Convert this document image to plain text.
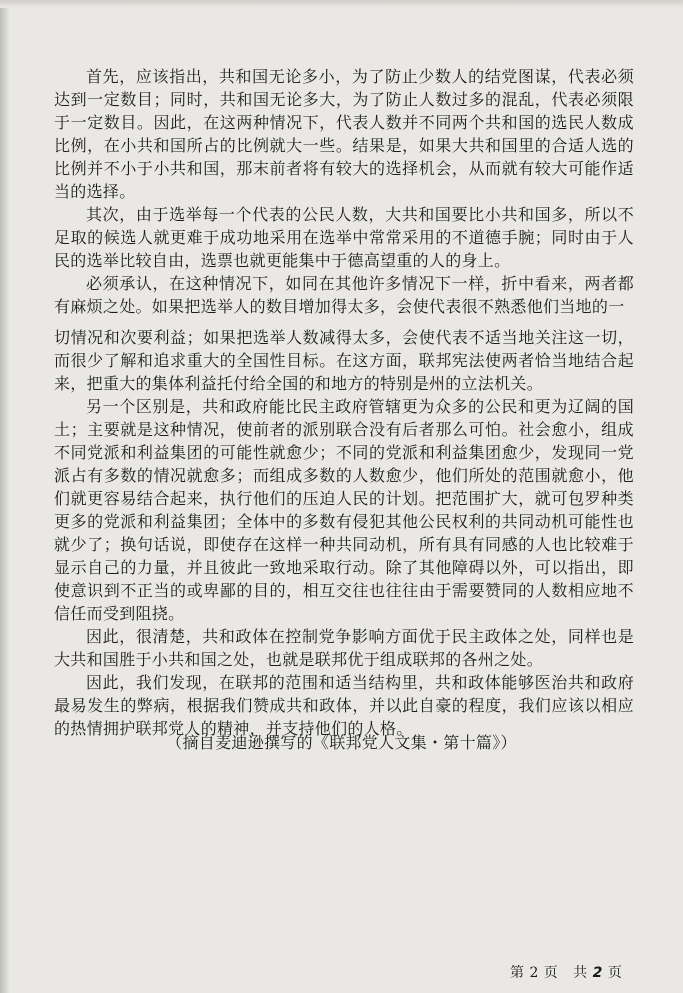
首先，应该指出，共和国无论多小，为了防止少数人的结党图谋，代表必须达到一定数目；同时，共和国无论多大，为了防止人数过多的混乱，代表必须限于一定数目。因此，在这两种情况下，代表人数并不同两个共和国的选民人数成比例，在小共和国所占的比例就大一些。结果是，如果大共和国里的合适人选的比例并不小于小共和国，那末前者将有较大的选择机会，从而就有较大可能作适当的选择。

其次，由于选举每一个代表的公民人数，大共和国要比小共和国多，所以不足取的候选人就更难于成功地采用在选举中常常采用的不道德手腕；同时由于人民的选举比较自由，选票也就更能集中于德高望重的人的身上。

必须承认，在这种情况下，如同在其他许多情况下一样，折中看来，两者都有麻烦之处。如果把选举人的数目增加得太多，会使代表很不熟悉他们当地的一

切情况和次要利益；如果把选举人数减得太多，会使代表不适当地关注这一切，而很少了解和追求重大的全国性目标。在这方面，联邦宪法使两者恰当地结合起来，把重大的集体利益托付给全国的和地方的特别是州的立法机关。

另一个区别是，共和政府能比民主政府管辖更为众多的公民和更为辽阔的国土；主要就是这种情况，使前者的派别联合没有后者那么可怕。社会愈小，组成不同党派和利益集团的可能性就愈少；不同的党派和利益集团愈少，发现同一党派占有多数的情况就愈多；而组成多数的人数愈少，他们所处的范围就愈小，他们就更容易结合起来，执行他们的压迫人民的计划。把范围扩大，就可包罗种类更多的党派和利益集团；全体中的多数有侵犯其他公民权利的共同动机可能性也就少了；换句话说，即使存在这样一种共同动机，所有具有同感的人也比较难于显示自己的力量，并且彼此一致地采取行动。除了其他障碍以外，可以指出，即使意识到不正当的或卑鄙的目的，相互交往也往往由于需要赞同的人数相应地不信任而受到阻挠。

因此，很清楚，共和政体在控制党争影响方面优于民主政体之处，同样也是大共和国胜于小共和国之处，也就是联邦优于组成联邦的各州之处。

因此，我们发现，在联邦的范围和适当结构里，共和政体能够医治共和政府最易发生的弊病，根据我们赞成共和政体，并以此自豪的程度，我们应该以相应的热情拥护联邦党人的精神，并支持他们的人格。

（摘自麦迪逊撰写的《联邦党人文集・第十篇》）
第 2 页 共 2 页
